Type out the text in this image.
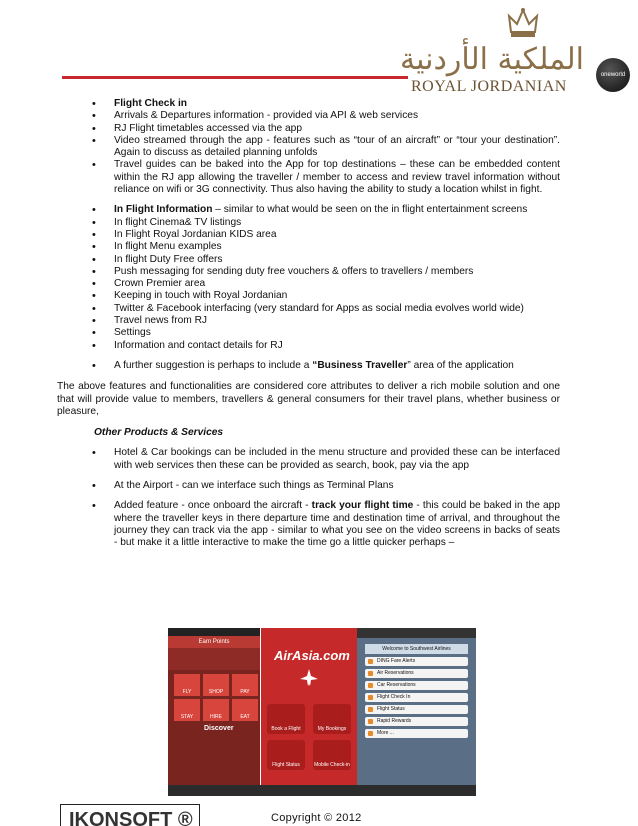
الملكية الأردنية
ROYAL JORDANIAN
oneworld
• Flight Check in
• Arrivals & Departures information - provided via API & web services
• RJ Flight timetables accessed via the app
• Video streamed through the app - features such as “tour of an aircraft” or “tour your destination”. Again to discuss as detailed planning unfolds
• Travel guides can be baked into the App for top destinations – these can be embedded content within the RJ app allowing the traveller / member to access and review travel information without reliance on wifi or 3G connectivity. Thus also having the ability to study a location whilst in fight.
• In Flight Information – similar to what would be seen on the in flight entertainment screens
• In flight Cinema& TV listings
• In Flight Royal Jordanian KIDS area
• In flight Menu examples
• In flight Duty Free offers
• Push messaging for sending duty free vouchers & offers to travellers / members
• Crown Premier area
• Keeping in touch with Royal Jordanian
• Twitter & Facebook interfacing (very standard for Apps as social media evolves world wide)
• Travel news from RJ
• Settings
• Information and contact details for RJ
• A further suggestion is perhaps to include a “Business Traveller” area of the application
The above features and functionalities are considered core attributes to deliver a rich mobile solution and one that will provide value to members, travellers & general consumers for their travel plans, whether business or pleasure,
Other Products & Services
• Hotel & Car bookings can be included in the menu structure and provided these can be interfaced with web services then these can be provided as search, book, pay via the app
• At the Airport - can we interface such things as Terminal Plans
• Added feature - once onboard the aircraft - track your flight time - this could be baked in the app where the traveller keys in there departure time and destination time of arrival, and throughout the journey they can track via the app - similar to what you see on the video screens in backs of seats - but make it a little interactive to make the time go a little quicker perhaps –
Earn Points
FLY	SHOP	PAY
STAY	HIRE	EAT
Discover
AirAsia.com
Book a Flight	My Bookings
Flight Status	Mobile Check-in
Welcome to Southwest Airlines
DING Fare Alerts
Air Reservations
Car Reservations
Flight Check In
Flight Status
Rapid Rewards
More ...
IKONSOFT ®	Copyright © 2012
